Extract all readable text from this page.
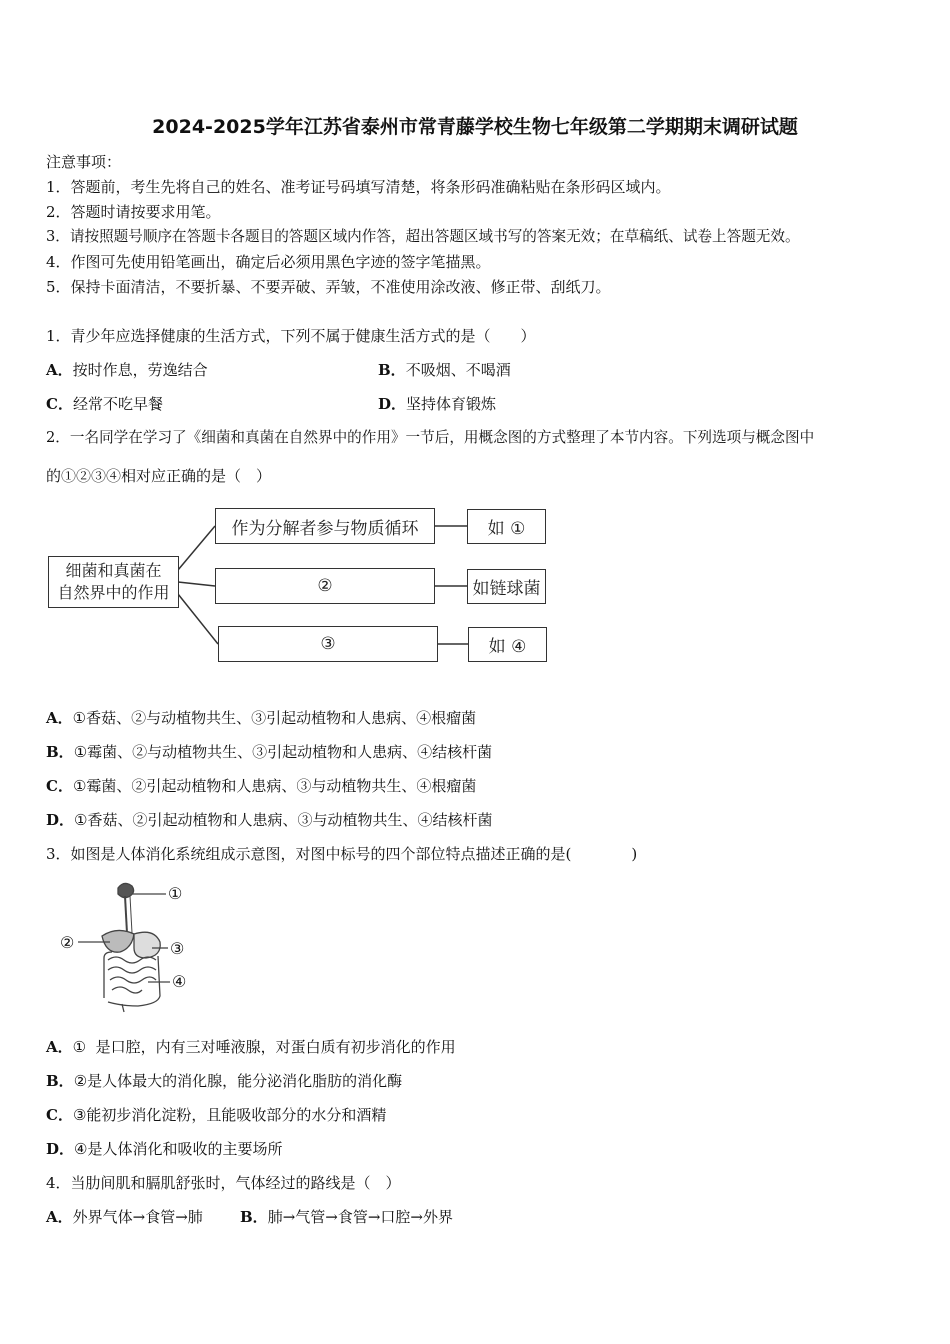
2024-2025学年江苏省泰州市常青藤学校生物七年级第二学期期末调研试题
注意事项：
1．答题前，考生先将自己的姓名、准考证号码填写清楚，将条形码准确粘贴在条形码区域内。
2．答题时请按要求用笔。
3．请按照题号顺序在答题卡各题目的答题区域内作答，超出答题区域书写的答案无效；在草稿纸、试卷上答题无效。
4．作图可先使用铅笔画出，确定后必须用黑色字迹的签字笔描黑。
5．保持卡面清洁，不要折暴、不要弄破、弄皱，不准使用涂改液、修正带、刮纸刀。
1．青少年应选择健康的生活方式，下列不属于健康生活方式的是（　　）
A．按时作息，劳逸结合	B．不吸烟、不喝酒
C．经常不吃早餐	D．坚持体育锻炼
2．一名同学在学习了《细菌和真菌在自然界中的作用》一节后，用概念图的方式整理了本节内容。下列选项与概念图中
的①②③④相对应正确的是（　）
细菌和真菌在
自然界中的作用
作为分解者参与物质循环
②
③
如 ①
如链球菌
如 ④
A．①香菇、②与动植物共生、③引起动植物和人患病、④根瘤菌
B．①霉菌、②与动植物共生、③引起动植物和人患病、④结核杆菌
C．①霉菌、②引起动植物和人患病、③与动植物共生、④根瘤菌
D．①香菇、②引起动植物和人患病、③与动植物共生、④结核杆菌
3．如图是人体消化系统组成示意图，对图中标号的四个部位特点描述正确的是(　　　　)
①
②	③
④
A．①  是口腔，内有三对唾液腺，对蛋白质有初步消化的作用
B．②是人体最大的消化腺，能分泌消化脂肪的消化酶
C．③能初步消化淀粉，且能吸收部分的水分和酒精
D．④是人体消化和吸收的主要场所
4．当肋间肌和膈肌舒张时，气体经过的路线是（　）
A．外界气体→食管→肺 B．肺→气管→食管→口腔→外界
